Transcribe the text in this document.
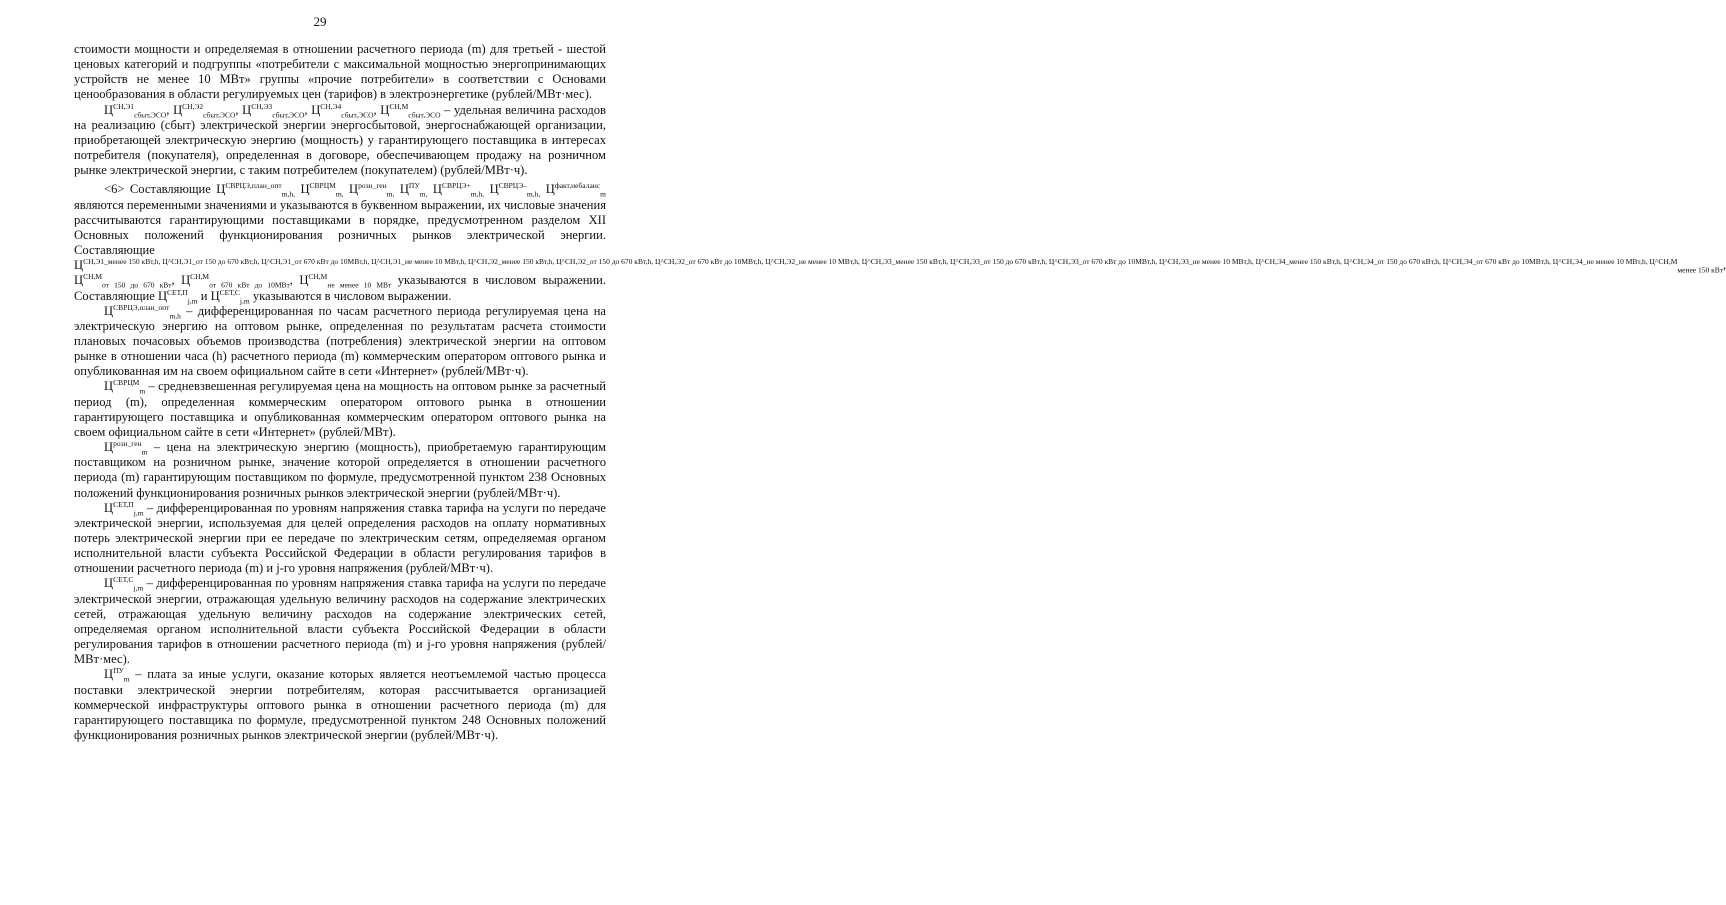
29

стоимости мощности и определяемая в отношении расчетного периода (m) для третьей - шестой ценовых категорий и подгруппы «потребители с максимальной мощностью энергопринимающих устройств не менее 10 МВт» группы «прочие потребители» в соответствии с Основами ценообразования в области регулируемых цен (тарифов) в электроэнергетике (рублей/МВт·мес).

$Ц^{СН,Э1}_{сбыт,ЭСО}$, $Ц^{СН,Э2}_{сбыт,ЭСО}$, $Ц^{СН,Э3}_{сбыт,ЭСО}$, $Ц^{СН,Э4}_{сбыт,ЭСО}$, $Ц^{СН,М}_{сбыт,ЭСО}$ – удельная величина расходов на реализацию (сбыт) электрической энергии энергосбытовой, энергоснабжающей организации, приобретающей электрическую энергию (мощность) у гарантирующего поставщика в интересах потребителя (покупателя), определенная в договоре, обеспечивающем продажу на розничном рынке электрической энергии, с таким потребителем (покупателем) (рублей/МВт·ч).

<6> Составляющие $Ц^{СВРЦЭ,план\_опт}_{m,h,}$ $Ц^{СВРЦМ}_{m,}$ $Ц^{розн\_ген}_{m,}$ $Ц^{ПУ}_{m,}$ $Ц^{СВРЦЭ+}_{m,h,}$ $Ц^{СВРЦЭ-}_{m,h,}$ $Ц^{факт,небаланс}_m$ являются переменными значениями и указываются в буквенном выражении, их числовые значения рассчитываются гарантирующими поставщиками в порядке, предусмотренном разделом XII Основных положений функционирования розничных рынков электрической энергии. Составляющие ЦСН,Э1_менее 150 кВт,h, Ц^СН,Э1_от 150 до 670 кВт,h, Ц^СН,Э1_от 670 кВт до 10МВт,h, Ц^СН,Э1_не менее 10 МВт,h, Ц^СН,Э2_менее 150 кВт,h, Ц^СН,Э2_от 150 до 670 кВт,h, Ц^СН,Э2_от 670 кВт до 10МВт,h, Ц^СН,Э2_не менее 10 МВт,h, Ц^СН,Э3_менее 150 кВт,h, Ц^СН,Э3_от 150 до 670 кВт,h, Ц^СН,Э3_от 670 кВт до 10МВт,h, Ц^СН,Э3_не менее 10 МВт,h, Ц^СН,Э4_менее 150 кВт,h, Ц^СН,Э4_от 150 до 670 кВт,h, Ц^СН,Э4_от 670 кВт до 10МВт,h, Ц^СН,Э4_не менее 10 МВт,h, $Ц\^{}СН,М_{менее 150 кВт}$, $Ц^{СН,М}_{от 150 до 670 кВт}$, $Ц^{СН,М}_{от 670 кВт до 10МВт}$, $Ц^{СН,М}_{не менее 10 МВт}$ указываются в числовом выражении. Составляющие $Ц^{СЕТ,П}_{j,m}$ и $Ц^{СЕТ,С}_{j,m}$ указываются в числовом выражении.

$Ц^{СВРЦЭ,план\_опт}_{m,h}$ – дифференцированная по часам расчетного периода регулируемая цена на электрическую энергию на оптовом рынке, определенная по результатам расчета стоимости плановых почасовых объемов производства (потребления) электрической энергии на оптовом рынке в отношении часа (h) расчетного периода (m) коммерческим оператором оптового рынка и опубликованная им на своем официальном сайте в сети «Интернет» (рублей/МВт·ч).

$Ц^{СВРЦМ}_m$ – средневзвешенная регулируемая цена на мощность на оптовом рынке за расчетный период (m), определенная коммерческим оператором оптового рынка в отношении гарантирующего поставщика и опубликованная коммерческим оператором оптового рынка на своем официальном сайте в сети «Интернет» (рублей/МВт).

$Ц^{розн\_ген}_m$ – цена на электрическую энергию (мощность), приобретаемую гарантирующим поставщиком на розничном рынке, значение которой определяется в отношении расчетного периода (m) гарантирующим поставщиком по формуле, предусмотренной пунктом 238 Основных положений функционирования розничных рынков электрической энергии (рублей/МВт·ч).

$Ц^{СЕТ,П}_{j,m}$ – дифференцированная по уровням напряжения ставка тарифа на услуги по передаче электрической энергии, используемая для целей определения расходов на оплату нормативных потерь электрической энергии при ее передаче по электрическим сетям, определяемая органом исполнительной власти субъекта Российской Федерации в области регулирования тарифов в отношении расчетного периода (m) и j-го уровня напряжения (рублей/МВт·ч).

$Ц^{СЕТ,С}_{j,m}$ – дифференцированная по уровням напряжения ставка тарифа на услуги по передаче электрической энергии, отражающая удельную величину расходов на содержание электрических сетей, отражающая удельную величину расходов на содержание электрических сетей, определяемая органом исполнительной власти субъекта Российской Федерации в области регулирования тарифов в отношении расчетного периода (m) и j-го уровня напряжения (рублей/МВт·мес).

$Ц^{ПУ}_m$ – плата за иные услуги, оказание которых является неотъемлемой частью процесса поставки электрической энергии потребителям, которая рассчитывается организацией коммерческой инфраструктуры оптового рынка в отношении расчетного периода (m) для гарантирующего поставщика по формуле, предусмотренной пунктом 248 Основных положений функционирования розничных рынков электрической энергии (рублей/МВт·ч).
